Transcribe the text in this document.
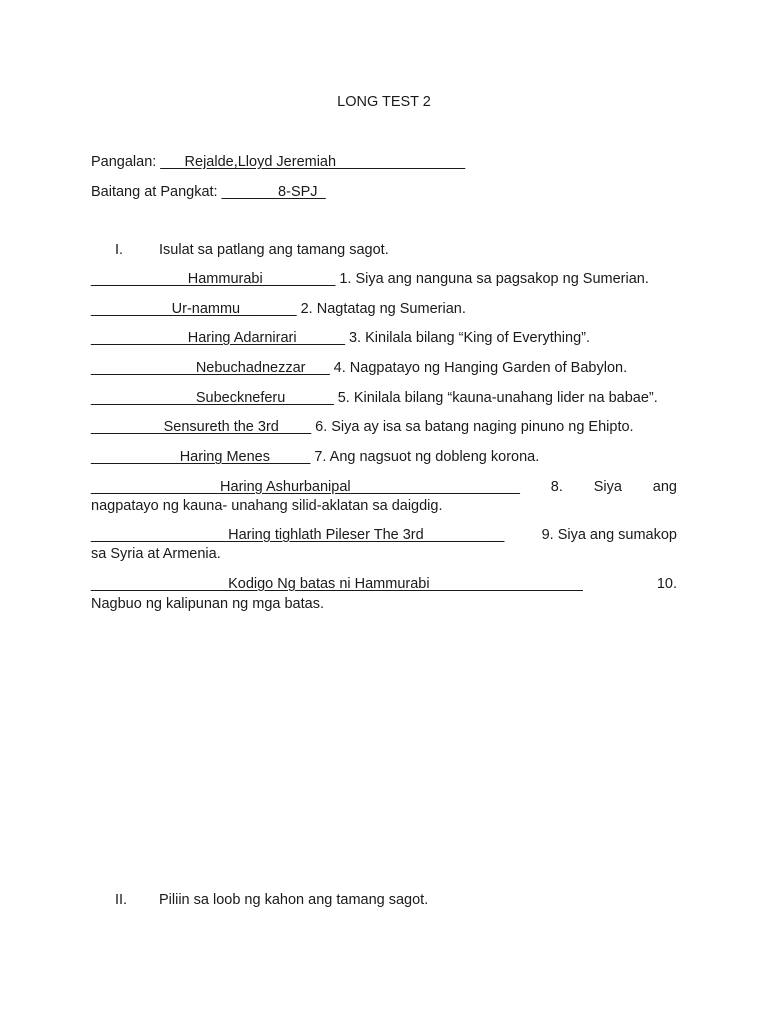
LONG TEST 2
Pangalan: ___Rejalde,Lloyd Jeremiah________________
Baitang at Pangkat: _______8-SPJ_
I. Isulat sa patlang ang tamang sagot.
____________Hammurabi_________ 1. Siya ang nanguna sa pagsakop ng Sumerian.
__________Ur-nammu_______ 2. Nagtatag ng Sumerian.
____________Haring Adarnirari______ 3. Kinilala bilang “King of Everything”.
_____________Nebuchadnezzar___ 4. Nagpatayo ng Hanging Garden of Babylon.
_____________Subeckneferu______ 5. Kinilala bilang “kauna-unahang lider na babae”.
_________Sensureth the 3rd____ 6. Siya ay isa sa batang naging pinuno ng Ehipto.
___________Haring Menes_____ 7. Ang nagsuot ng dobleng korona.
________________Haring Ashurbanipal_____________________ 8. Siya ang
nagpatayo ng kauna- unahang silid-aklatan sa daigdig.
_________________Haring tighlath Pileser The 3rd__________	9. Siya ang sumakop
sa Syria at Armenia.
_________________Kodigo Ng batas ni Hammurabi___________________	10.
Nagbuo ng kalipunan ng mga batas.
II. Piliin sa loob ng kahon ang tamang sagot.
